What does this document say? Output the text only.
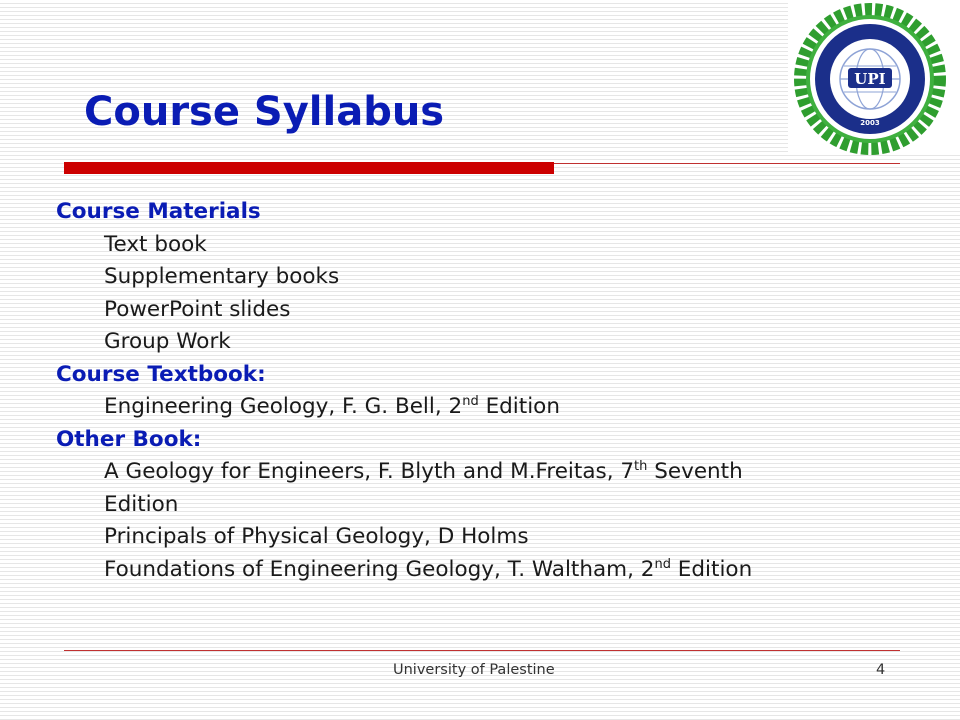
UPI
2003
Course Syllabus
Course Materials
Text book
Supplementary books
PowerPoint slides
Group Work
Course Textbook:
Engineering Geology, F. G. Bell, 2nd Edition
Other Book:
A Geology for Engineers, F. Blyth and M.Freitas, 7th Seventh
Edition
Principals of Physical Geology, D Holms
Foundations of Engineering Geology, T. Waltham, 2nd Edition
University of Palestine	4
